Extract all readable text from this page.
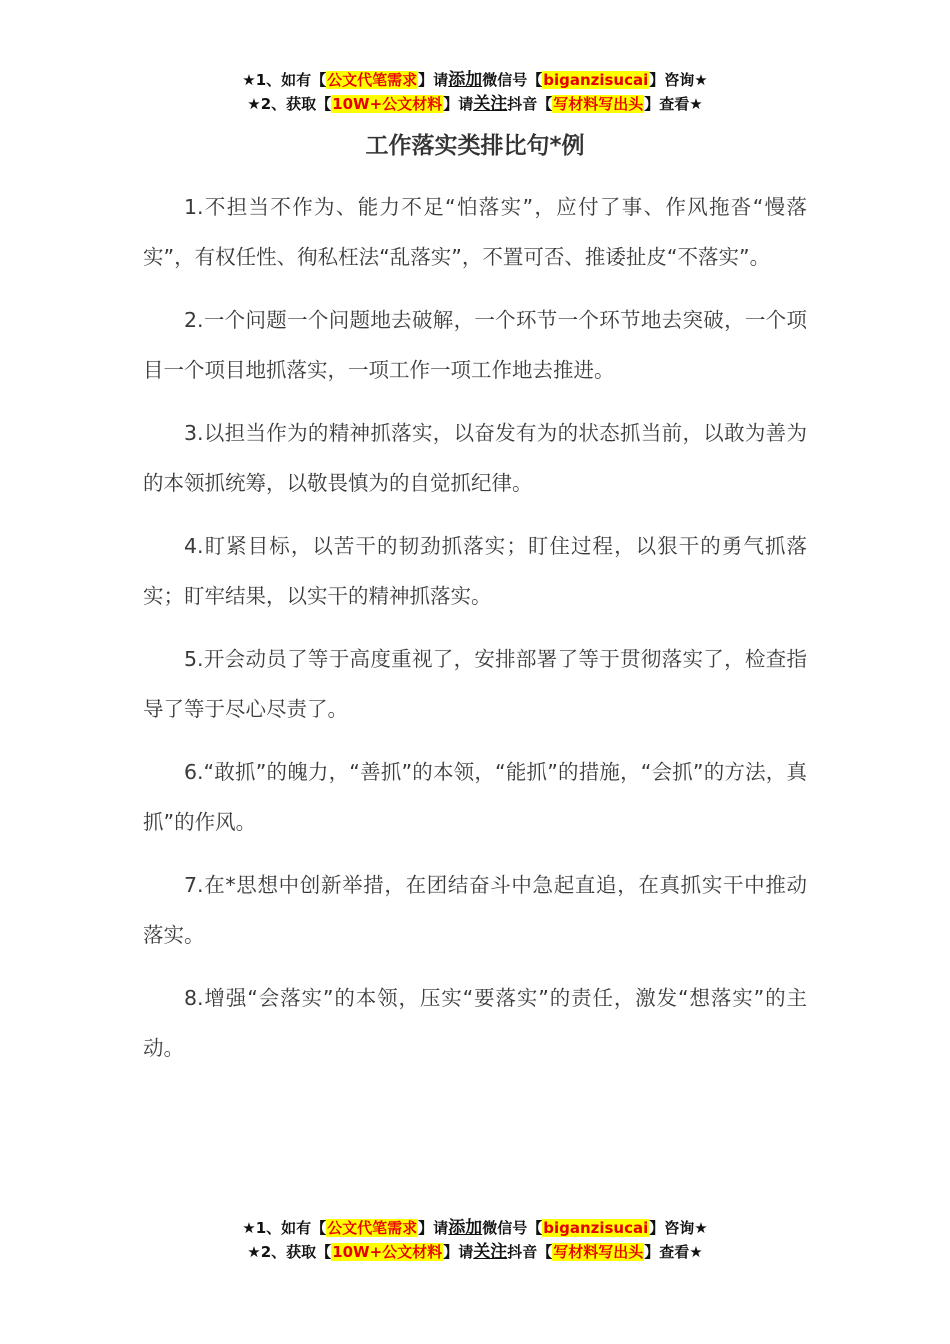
★1、如有【公文代笔需求】请添加微信号【biganzisucai】咨询★
★2、获取【10W+公文材料】请关注抖音【写材料写出头】查看★
工作落实类排比句*例

1.不担当不作为、能力不足“怕落实”，应付了事、作风拖沓“慢落实”，有权任性、徇私枉法“乱落实”，不置可否、推诿扯皮“不落实”。

2.一个问题一个问题地去破解，一个环节一个环节地去突破，一个项目一个项目地抓落实，一项工作一项工作地去推进。

3.以担当作为的精神抓落实，以奋发有为的状态抓当前，以敢为善为的本领抓统筹，以敬畏慎为的自觉抓纪律。

4.盯紧目标，以苦干的韧劲抓落实；盯住过程，以狠干的勇气抓落实；盯牢结果，以实干的精神抓落实。

5.开会动员了等于高度重视了，安排部署了等于贯彻落实了，检查指导了等于尽心尽责了。

6.“敢抓”的魄力，“善抓”的本领，“能抓”的措施，“会抓”的方法，真抓”的作风。

7.在*思想中创新举措，在团结奋斗中急起直追，在真抓实干中推动落实。

8.增强“会落实”的本领，压实“要落实”的责任，激发“想落实”的主动。

★1、如有【公文代笔需求】请添加微信号【biganzisucai】咨询★
★2、获取【10W+公文材料】请关注抖音【写材料写出头】查看★
